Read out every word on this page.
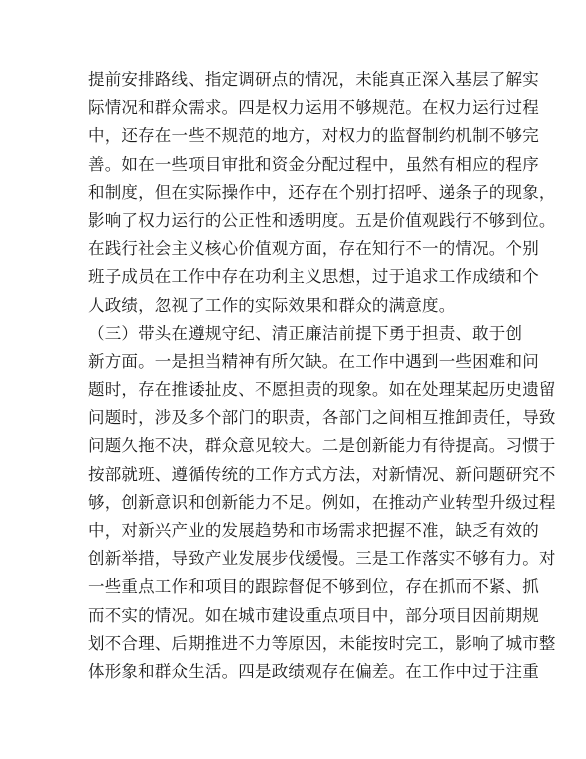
提前安排路线、指定调研点的情况，未能真正深入基层了解实
际情况和群众需求。四是权力运用不够规范。在权力运行过程
中，还存在一些不规范的地方，对权力的监督制约机制不够完
善。如在一些项目审批和资金分配过程中，虽然有相应的程序
和制度，但在实际操作中，还存在个别打招呼、递条子的现象，
影响了权力运行的公正性和透明度。五是价值观践行不够到位。
在践行社会主义核心价值观方面，存在知行不一的情况。个别
班子成员在工作中存在功利主义思想，过于追求工作成绩和个
人政绩，忽视了工作的实际效果和群众的满意度。
（三）带头在遵规守纪、清正廉洁前提下勇于担责、敢于创
新方面。一是担当精神有所欠缺。在工作中遇到一些困难和问
题时，存在推诿扯皮、不愿担责的现象。如在处理某起历史遗留
问题时，涉及多个部门的职责，各部门之间相互推卸责任，导致
问题久拖不决，群众意见较大。二是创新能力有待提高。习惯于
按部就班、遵循传统的工作方式方法，对新情况、新问题研究不
够，创新意识和创新能力不足。例如，在推动产业转型升级过程
中，对新兴产业的发展趋势和市场需求把握不准，缺乏有效的
创新举措，导致产业发展步伐缓慢。三是工作落实不够有力。对
一些重点工作和项目的跟踪督促不够到位，存在抓而不紧、抓
而不实的情况。如在城市建设重点项目中，部分项目因前期规
划不合理、后期推进不力等原因，未能按时完工，影响了城市整
体形象和群众生活。四是政绩观存在偏差。在工作中过于注重
